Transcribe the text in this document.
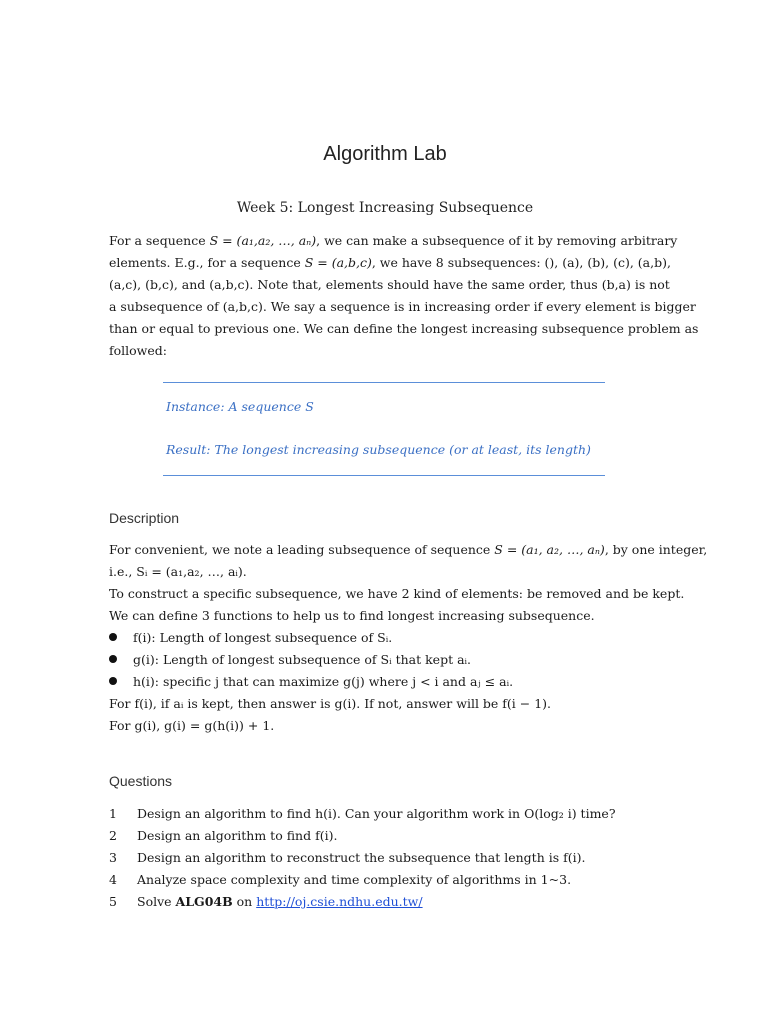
Algorithm Lab
Week 5: Longest Increasing Subsequence
For a sequence S = (a₁,a₂, …, aₙ), we can make a subsequence of it by removing arbitrary
elements. E.g., for a sequence S = (a,b,c), we have 8 subsequences: (), (a), (b), (c), (a,b),
(a,c), (b,c), and (a,b,c). Note that, elements should have the same order, thus (b,a) is not
a subsequence of (a,b,c). We say a sequence is in increasing order if every element is bigger
than or equal to previous one. We can define the longest increasing subsequence problem as
followed:
Instance: A sequence S
Result: The longest increasing subsequence (or at least, its length)
Description
For convenient, we note a leading subsequence of sequence S = (a₁, a₂, …, aₙ), by one integer,
i.e., Sᵢ = (a₁,a₂, …, aᵢ).
To construct a specific subsequence, we have 2 kind of elements: be removed and be kept.
We can define 3 functions to help us to find longest increasing subsequence.
f(i): Length of longest subsequence of Sᵢ.
g(i): Length of longest subsequence of Sᵢ that kept aᵢ.
h(i): specific j that can maximize g(j) where j < i and aⱼ ≤ aᵢ.
For f(i), if aᵢ is kept, then answer is g(i). If not, answer will be f(i − 1).
For g(i), g(i) = g(h(i)) + 1.
Questions
1 Design an algorithm to find h(i). Can your algorithm work in O(log₂ i) time?
2 Design an algorithm to find f(i).
3 Design an algorithm to reconstruct the subsequence that length is f(i).
4 Analyze space complexity and time complexity of algorithms in 1~3.
5 Solve ALG04B on http://oj.csie.ndhu.edu.tw/
